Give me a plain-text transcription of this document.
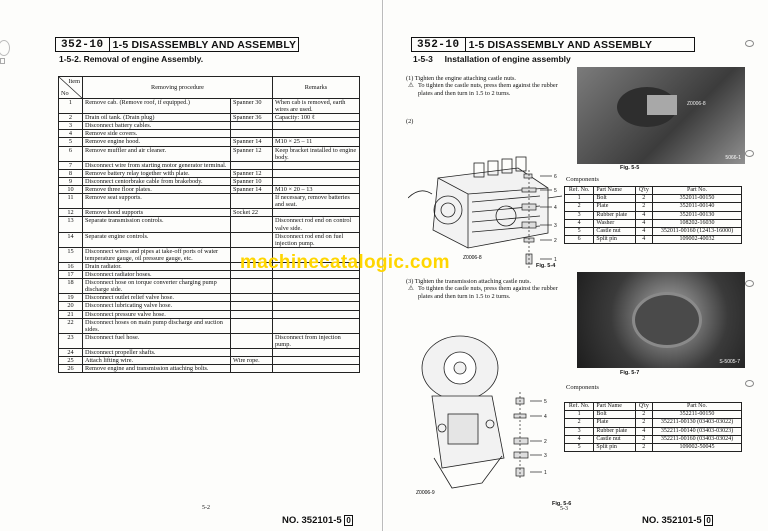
352-10 1-5 DISASSEMBLY AND ASSEMBLY
1-5-2. Removal of engine Assembly.
Item
No	Removing procedure		Remarks
1	Remove cab. (Remove roof, if equipped.)	Spanner 30	When cab is removed, earth wires are used.
2	Drain oil tank. (Drain plug)	Spanner 36	Capacity: 100 ℓ
3	Disconnect battery cables.		
4	Remove side covers.		
5	Remove engine hood.	Spanner 14	M10 × 25 – 11
6	Remove muffler and air cleaner.	Spanner 12	Keep bracket installed to engine body.
7	Disconnect wire from starting motor generator terminal.		
8	Remove battery relay together with plate.	Spanner 12	
9	Disconnect centorbrake cable from brakebody.	Spanner 10	
10	Remove three floor plates.	Spanner 14	M10 × 20 – 13
11	Remove seat supports.		If necessary, remove batteries and seat.
12	Remove hood supports	Socket 22	
13	Separate transmission controls.		Disconnect rod end on control valve side.
14	Separate engine controls.		Disconnect rod end on fuel injection pump.
15	Disconnect wires and pipes at take-off ports of water temperature gauge, oil pressure gauge, etc.		
16	Drain radiator.		
17	Disconnect radiator hoses.		
18	Disconnect hose on torque converter charging pump discharge side.		
19	Disconnect outlet relief valve hose.		
20	Disconnect lubricating valve hose.		
21	Disconnect pressure valve hose.		
22	Disconnect hoses on main pump discharge and suction sides.		
23	Disconnect fuel hose.		Disconnect from injection pump.
24	Disconnect propeller shafts.		
25	Attach lifting wire.	Wire rope.	
26	Remove engine and transmission attaching bolts.		
NO. 352101-5 0
5-2
352-10 1-5 DISASSEMBLY AND ASSEMBLY
1-5-3 Installation of engine assembly
(1) Tighten the engine attaching castle nuts.
⚠ To tighten the castle nuts, press them against the rubber plates and then turn in 1.5 to 2 turns.
(2)
Z0006-8
6
5
4
3
2
1
Fig. 5-4
Z0006-8
5066-1
Fig. 5-5
Components
Ref. No.	Part Name	Q'ty	Part No.
1	Bolt	2	352011-00150
2	Plate	2	352011-00140
3	Rubber plate	4	352011-00130
4	Washer	4	108202-16030
5	Castle nut	4	352011-00160 (12413-16000)
6	Split pin	4	109002-40032
(3) Tighten the transmission attaching castle nuts.
⚠ To tighten the castle nuts, press them against the rubber plates and then turn in 1.5 to 2 turns.
Z0006-9
5
4
2
3
1
Fig. 5-6
S-5005-7
Fig. 5-7
Components
Ref. No.	Part Name	Q'ty	Part No.
1	Bolt	2	352211-00150
2	Plate	2	352211-00130 (03403-03022)
3	Rubber plate	4	352211-00140 (03403-03023)
4	Castle nut	2	352211-00160 (03403-03024)
5	Split pin	2	109002-50045
5-3
NO. 352101-5 0
machinecatalogic.com
